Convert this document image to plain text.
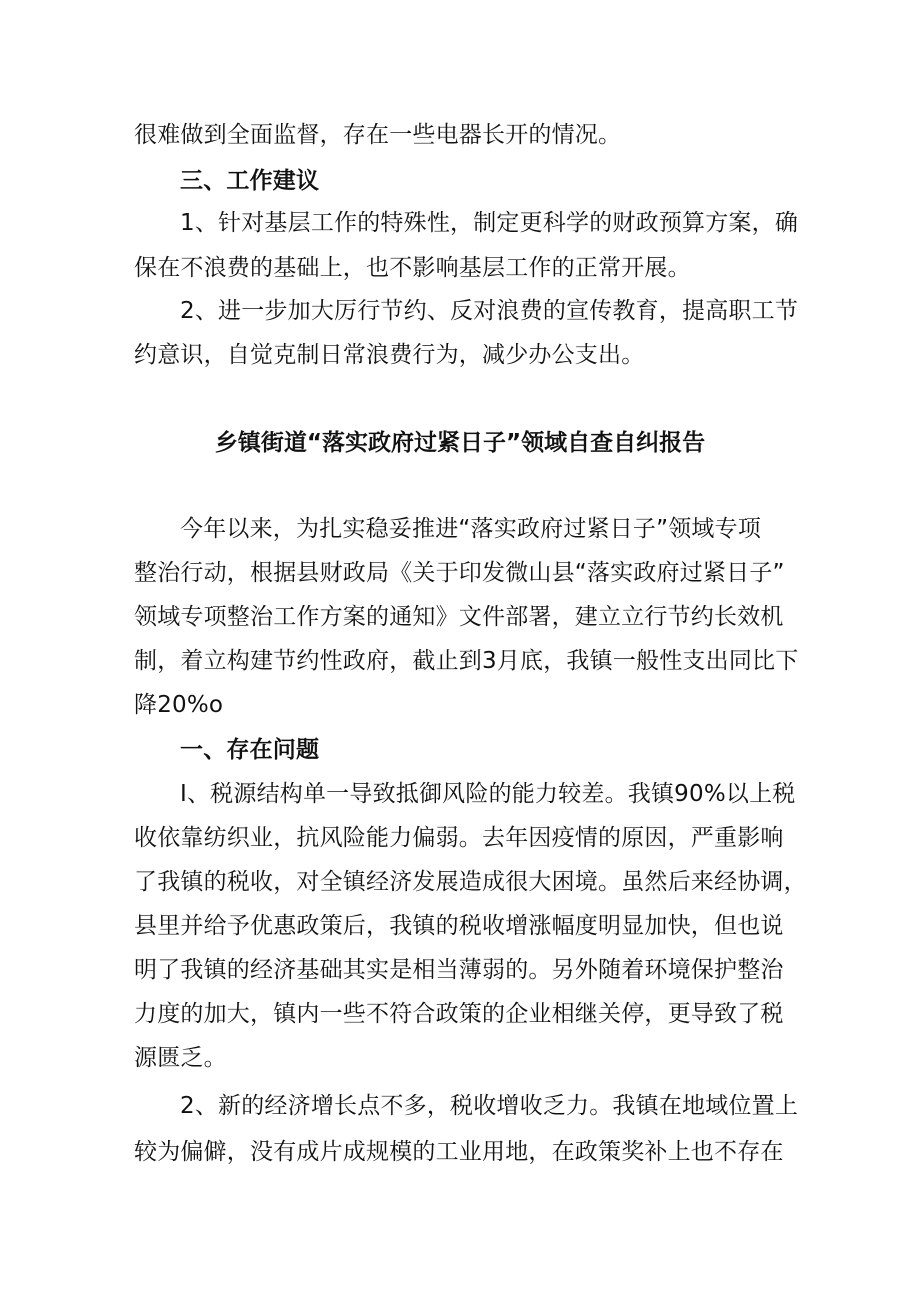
很难做到全面监督，存在一些电器长开的情况。
三、工作建议
1、针对基层工作的特殊性，制定更科学的财政预算方案，确
保在不浪费的基础上，也不影响基层工作的正常开展。
2、进一步加大厉行节约、反对浪费的宣传教育，提高职工节
约意识，自觉克制日常浪费行为，减少办公支出。
乡镇街道“落实政府过紧日子”领域自查自纠报告
今年以来，为扎实稳妥推进“落实政府过紧日子”领域专项
整治行动，根据县财政局《关于印发微山县“落实政府过紧日子”
领域专项整治工作方案的通知》文件部署，建立立行节约长效机
制，着立构建节约性政府，截止到3月底，我镇一般性支出同比下
降20%o
一、存在问题
I、税源结构单一导致抵御风险的能力较差。我镇90%以上税
收依靠纺织业，抗风险能力偏弱。去年因疫情的原因，严重影响
了我镇的税收，对全镇经济发展造成很大困境。虽然后来经协调，
县里并给予优惠政策后，我镇的税收增涨幅度明显加快，但也说
明了我镇的经济基础其实是相当薄弱的。另外随着环境保护整治
力度的加大，镇内一些不符合政策的企业相继关停，更导致了税
源匮乏。
2、新的经济增长点不多，税收增收乏力。我镇在地域位置上
较为偏僻，没有成片成规模的工业用地，在政策奖补上也不存在
